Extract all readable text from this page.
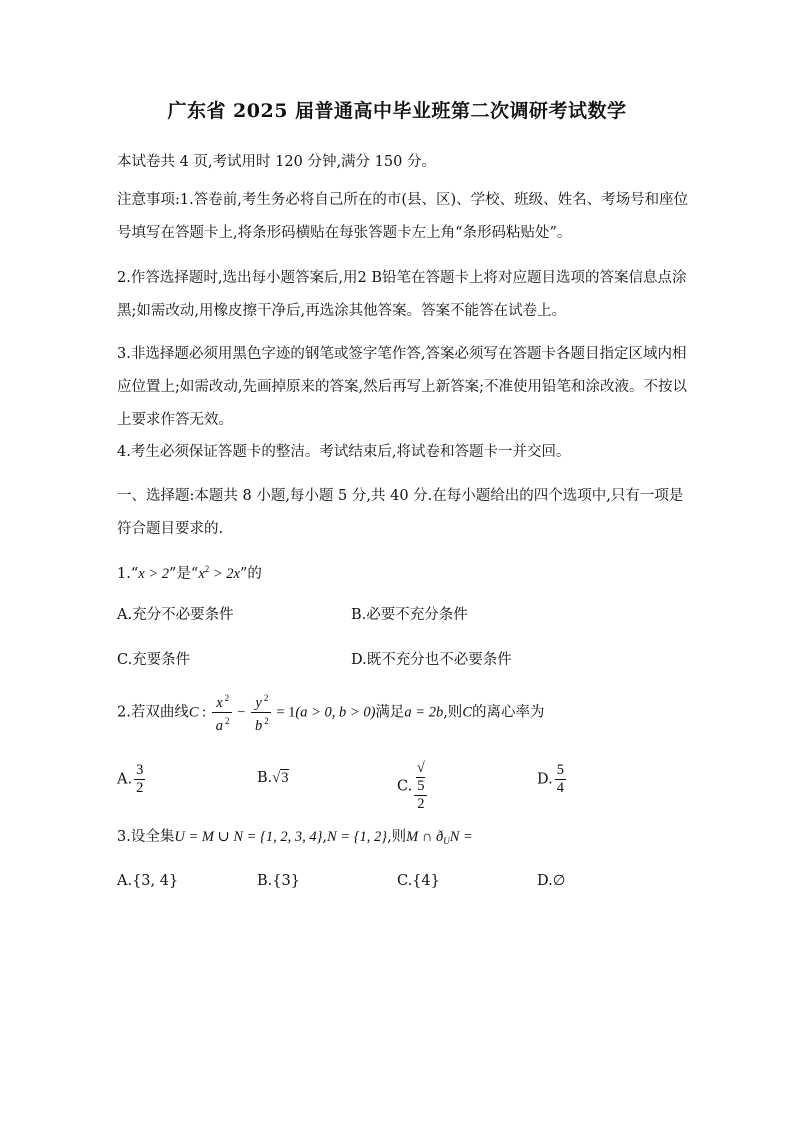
广东省 2025 届普通高中毕业班第二次调研考试数学
本试卷共 4 页,考试用时 120 分钟,满分 150 分。
注意事项:1.答卷前,考生务必将自己所在的市(县、区)、学校、班级、姓名、考场号和座位号填写在答题卡上,将条形码横贴在每张答题卡左上角“条形码粘贴处”。
2.作答选择题时,选出每小题答案后,用2 B铅笔在答题卡上将对应题目选项的答案信息点涂黑;如需改动,用橡皮擦干净后,再选涂其他答案。答案不能答在试卷上。
3.非选择题必须用黑色字迹的钢笔或签字笔作答,答案必须写在答题卡各题目指定区域内相应位置上;如需改动,先画掉原来的答案,然后再写上新答案;不准使用铅笔和涂改液。不按以上要求作答无效。
4.考生必须保证答题卡的整洁。考试结束后,将试卷和答题卡一并交回。
一、选择题:本题共 8 小题,每小题 5 分,共 40 分.在每小题给出的四个选项中,只有一项是符合题目要求的.
1.“x > 2”是“$x^2 > 2x$”的
A.充分不必要条件	B.必要不充分条件
C.充要条件	D.既不充分也不必要条件
2.若双曲线C : $\frac{x ^2}{a ^2} - \frac{y ^2}{b ^2} = 1(a > 0$, b > 0)满足a = 2b,则C的离心率为
A. $\frac{3}{2}$	B.√3
C. √
5
2	D. $\frac{5}{4}$
3.设全集U = M ∪ N = {1, 2, 3, 4},N = {1, 2},则M ∩ $ð_UN$ =
A.{3, 4}	B.{3}	C.{4}	D.∅
